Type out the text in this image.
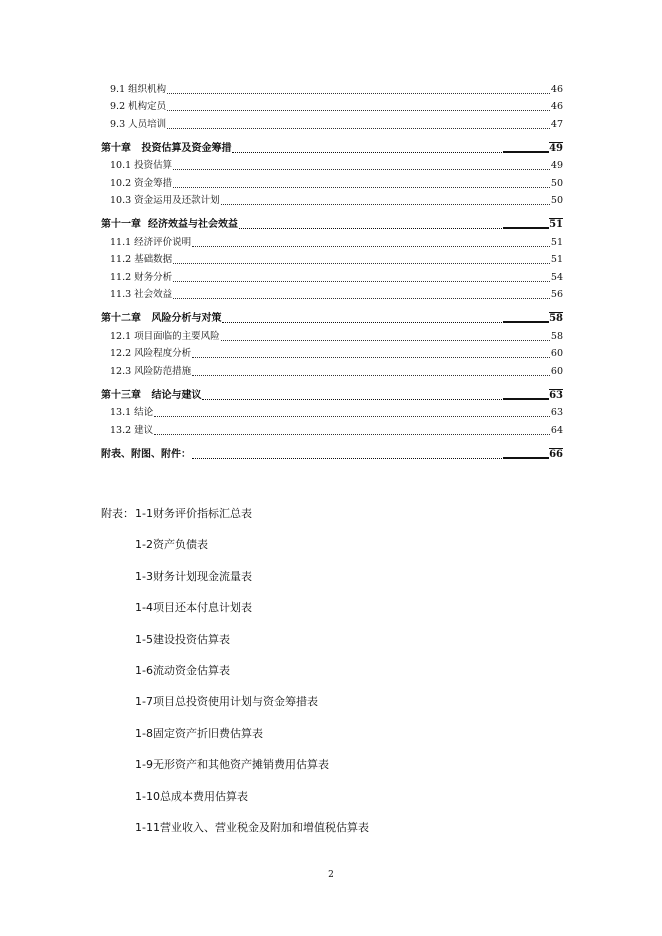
9.1 组织机构	46
9.2 机构定员	46
9.3 人员培训	47
第十章   投资估算及资金筹措	49
10.1 投资估算	49
10.2 资金筹措	50
10.3 资金运用及还款计划	50
第十一章  经济效益与社会效益	51
11.1 经济评价说明	51
11.2 基础数据	51
11.2 财务分析	54
11.3 社会效益	56
第十二章   风险分析与对策	58
12.1 项目面临的主要风险	58
12.2 风险程度分析	60
12.3 风险防范措施	60
第十三章   结论与建议	63
13.1 结论	63
13.2 建议	64
附表、附图、附件：	66
附表：1-1财务评价指标汇总表
1-2资产负债表
1-3财务计划现金流量表
1-4项目还本付息计划表
1-5建设投资估算表
1-6流动资金估算表
1-7项目总投资使用计划与资金筹措表
1-8固定资产折旧费估算表
1-9无形资产和其他资产摊销费用估算表
1-10总成本费用估算表
1-11营业收入、营业税金及附加和增值税估算表
2
